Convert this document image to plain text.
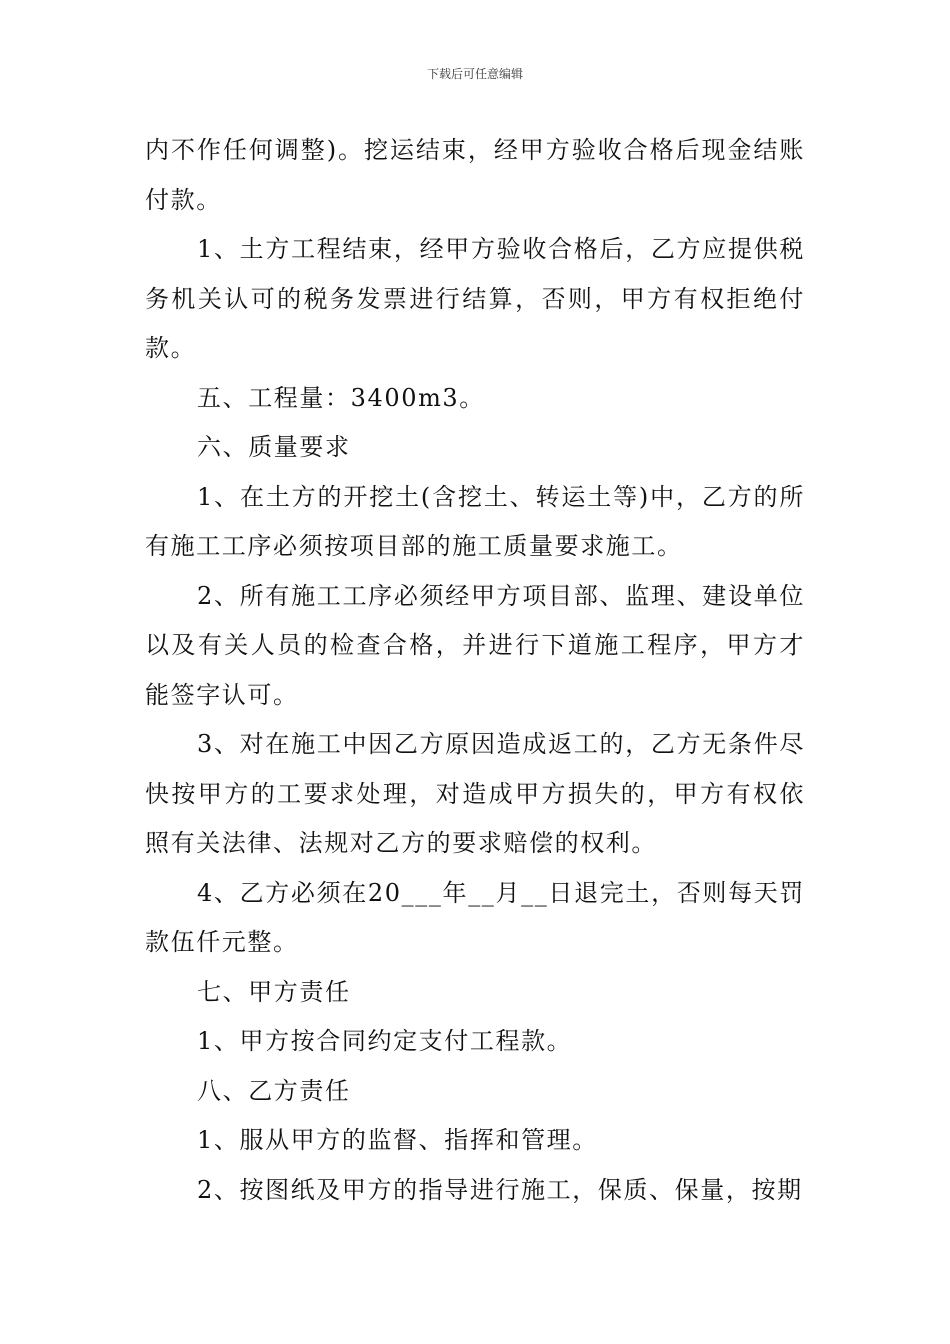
下载后可任意编辑

内不作任何调整)。挖运结束，经甲方验收合格后现金结账付款。

1、土方工程结束，经甲方验收合格后，乙方应提供税务机关认可的税务发票进行结算，否则，甲方有权拒绝付款。

五、工程量：3400m3。

六、质量要求

1、在土方的开挖土(含挖土、转运土等)中，乙方的所有施工工序必须按项目部的施工质量要求施工。

2、所有施工工序必须经甲方项目部、监理、建设单位以及有关人员的检查合格，并进行下道施工程序，甲方才能签字认可。

3、对在施工中因乙方原因造成返工的，乙方无条件尽快按甲方的工要求处理，对造成甲方损失的，甲方有权依照有关法律、法规对乙方的要求赔偿的权利。

4、乙方必须在20___年__月__日退完土，否则每天罚款伍仟元整。

七、甲方责任

1、甲方按合同约定支付工程款。

八、乙方责任

1、服从甲方的监督、指挥和管理。

2、按图纸及甲方的指导进行施工，保质、保量，按期
